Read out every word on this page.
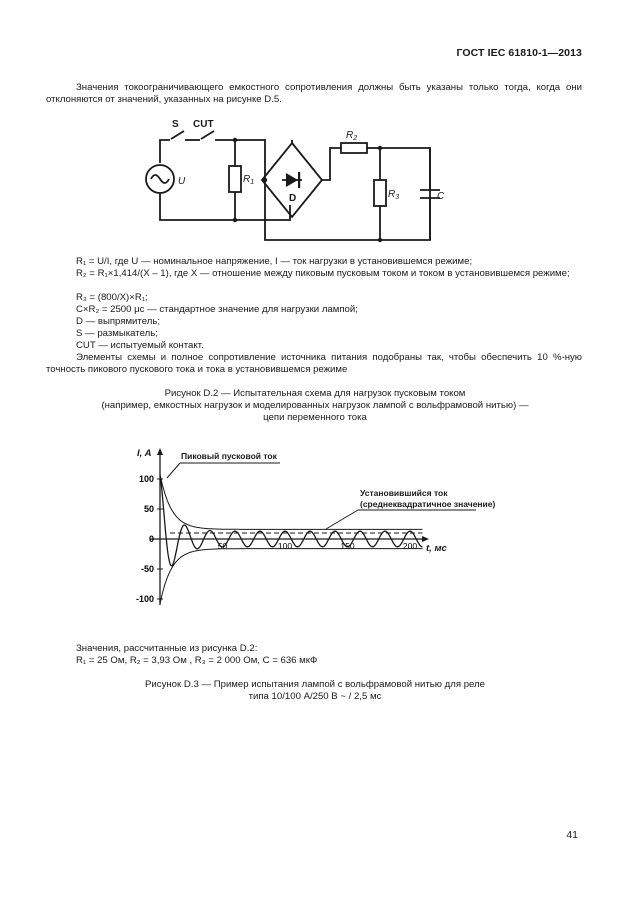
ГОСТ IEC 61810-1—2013
Значения токоограничивающего емкостного сопротивления должны быть указаны только тогда, когда они отклоняются от значений, указанных на рисунке D.5.
S CUT
D
U	$R_1$
$R_2$
$R_3$	C
R₁ = U/I, где U — номинальное напряжение, I — ток нагрузки в установившемся режиме;
R₂ = R₁×1,414/(X – 1), где X — отношение между пиковым пусковым током и током в установившемся режиме;
R₃ = (800/X)×R₁;
C×R₂ = 2500 μс — стандартное значение для нагрузки лампой;
D — выпрямитель;
S — размыкатель;
CUT — испытуемый контакт.
Элементы схемы и полное сопротивление источника питания подобраны так, чтобы обеспечить 10 %-ную точность пикового пускового тока и тока в установившемся режиме
Рисунок D.2 — Испытательная схема для нагрузок пусковым током
(например, емкостных нагрузок и моделированных нагрузок лампой с вольфрамовой нитью) —
цепи переменного тока
100
50
0
-50
-100
50	100	150	200
I, A
t, мс
Пиковый пусковой ток
Установившийся ток
(среднеквадратичное значение)
Значения, рассчитанные из рисунка D.2:
R₁ = 25 Ом, R₂ = 3,93 Ом , R₃ = 2 000 Ом, C = 636 мкФ
Рисунок D.3 — Пример испытания лампой с вольфрамовой нитью для реле
типа 10/100 А/250 В ~ / 2,5 мс
41
